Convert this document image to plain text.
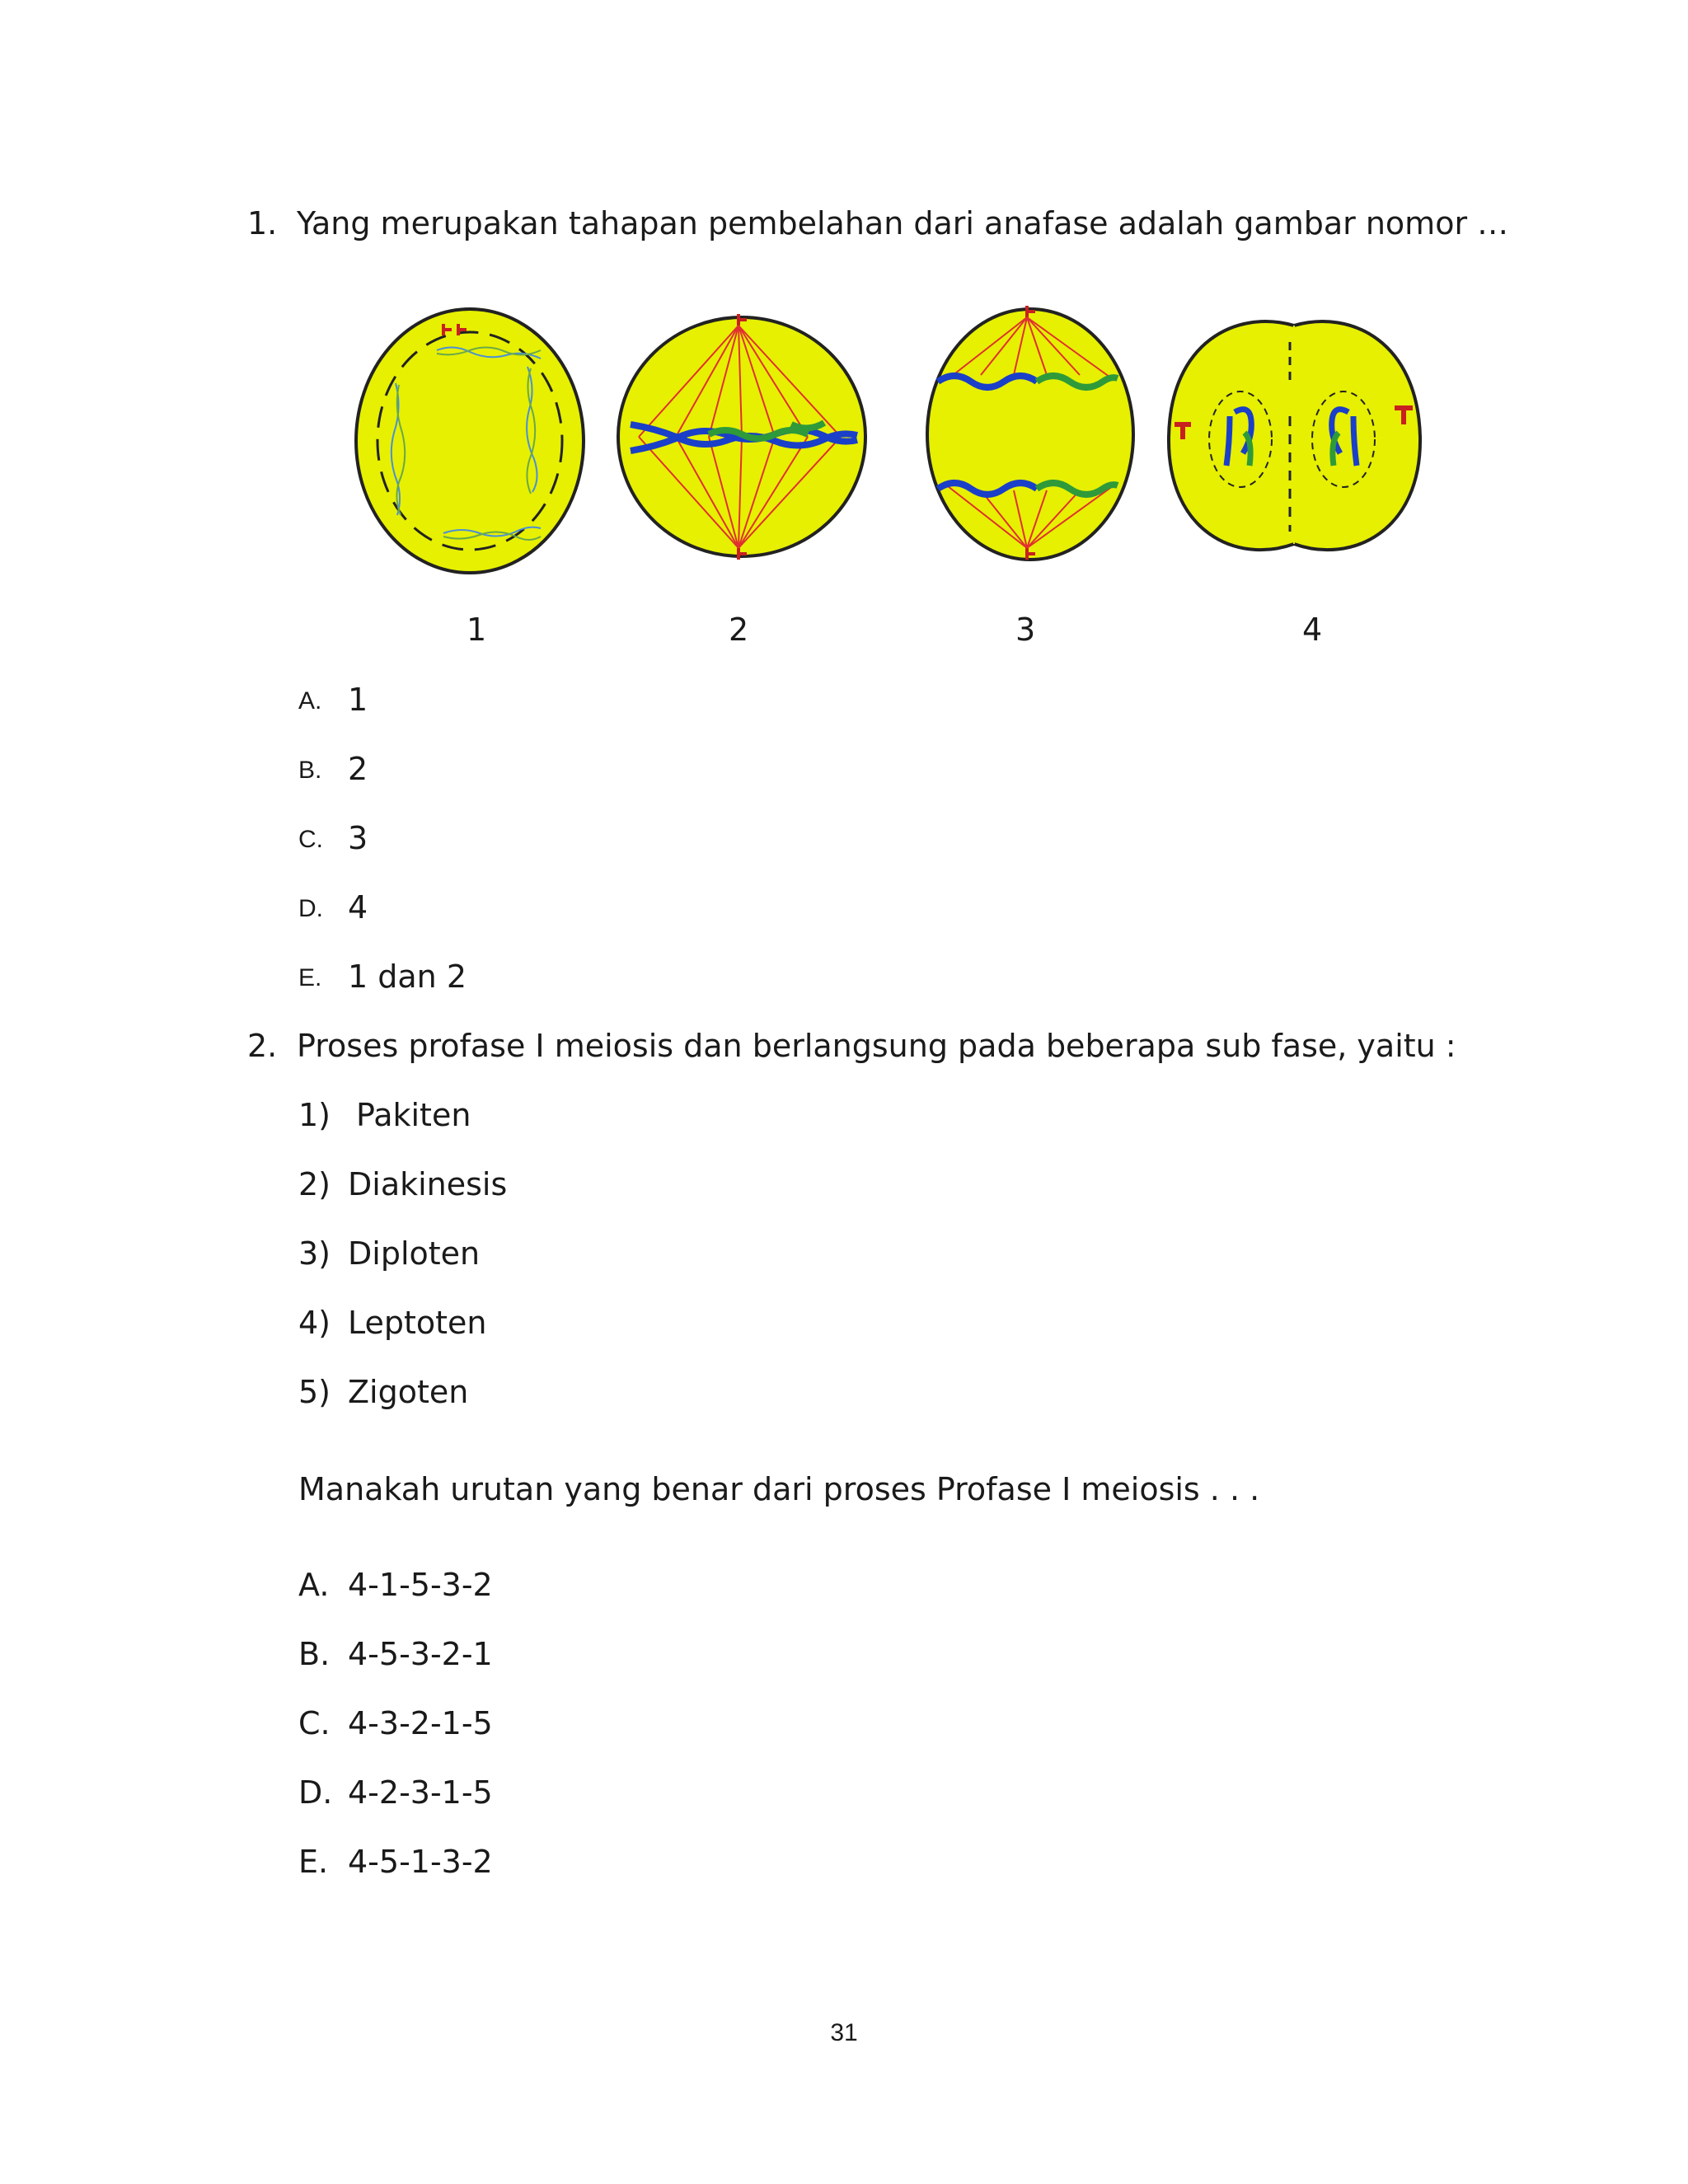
1. Yang merupakan tahapan pembelahan dari anafase adalah gambar nomor …
1	2	3	4
A. 1
B. 2
C. 3
D. 4
E. 1 dan 2
2. Proses profase I meiosis dan berlangsung pada beberapa sub fase, yaitu :
1) Pakiten
2) Diakinesis
3) Diploten
4) Leptoten
5) Zigoten
Manakah urutan yang benar dari proses Profase I meiosis . . .
A. 4-1-5-3-2
B. 4-5-3-2-1
C. 4-3-2-1-5
D. 4-2-3-1-5
E. 4-5-1-3-2
31
